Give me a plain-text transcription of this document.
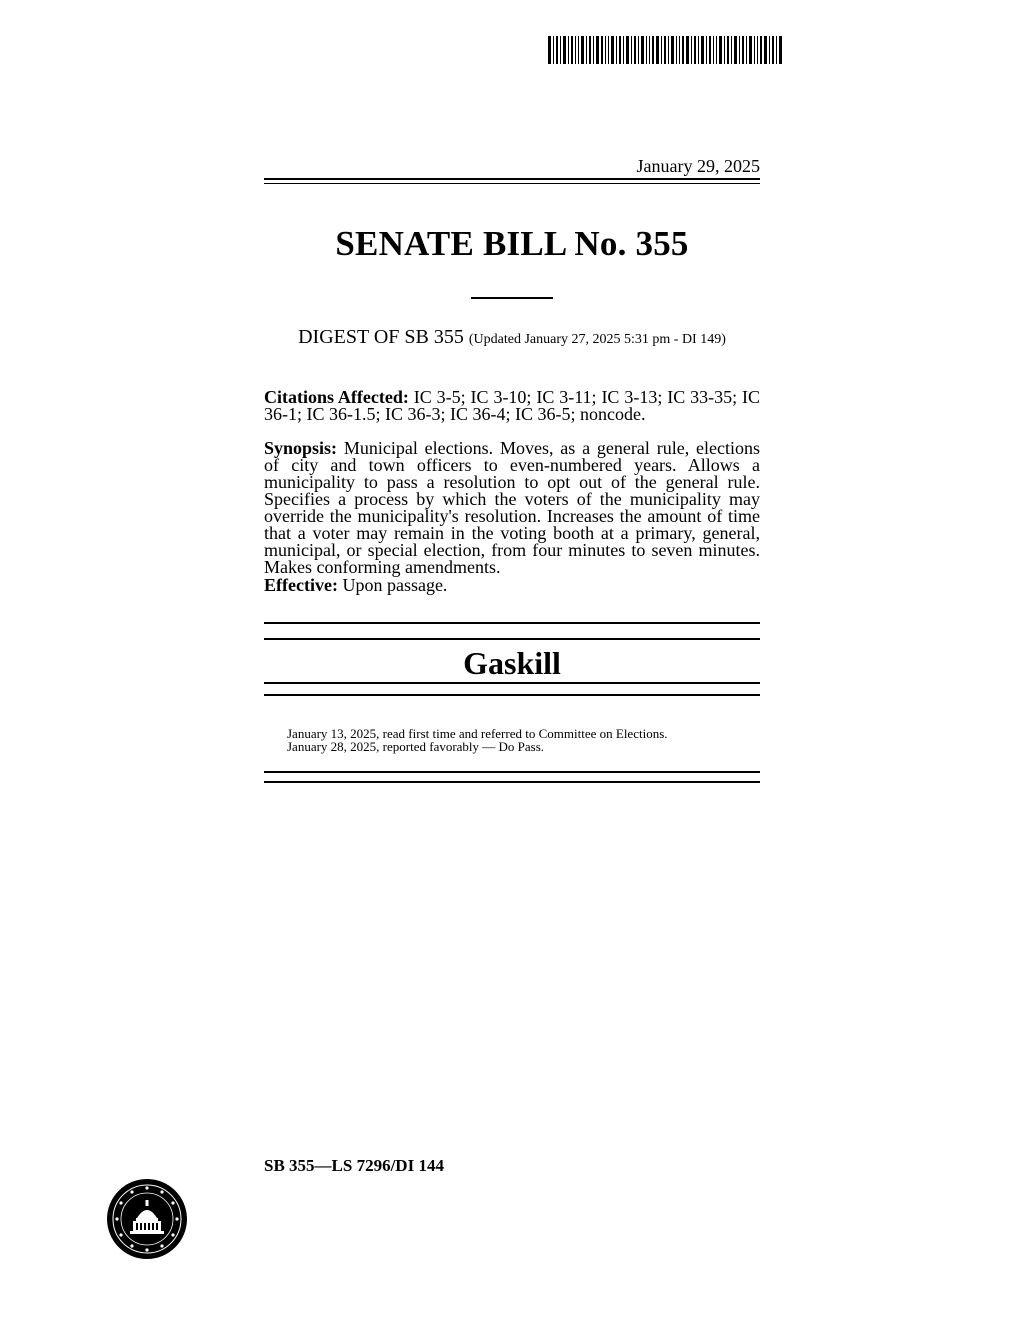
January 29, 2025
SENATE BILL No. 355
DIGEST OF SB 355 (Updated January 27, 2025 5:31 pm - DI 149)
Citations Affected: IC 3-5; IC 3-10; IC 3-11; IC 3-13; IC 33-35; IC 36-1; IC 36-1.5; IC 36-3; IC 36-4; IC 36-5; noncode.
Synopsis: Municipal elections. Moves, as a general rule, elections of city and town officers to even-numbered years. Allows a municipality to pass a resolution to opt out of the general rule. Specifies a process by which the voters of the municipality may override the municipality's resolution. Increases the amount of time that a voter may remain in the voting booth at a primary, general, municipal, or special election, from four minutes to seven minutes. Makes conforming amendments.
Effective: Upon passage.
Gaskill
January 13, 2025, read first time and referred to Committee on Elections.
January 28, 2025, reported favorably — Do Pass.
SB 355—LS 7296/DI 144
